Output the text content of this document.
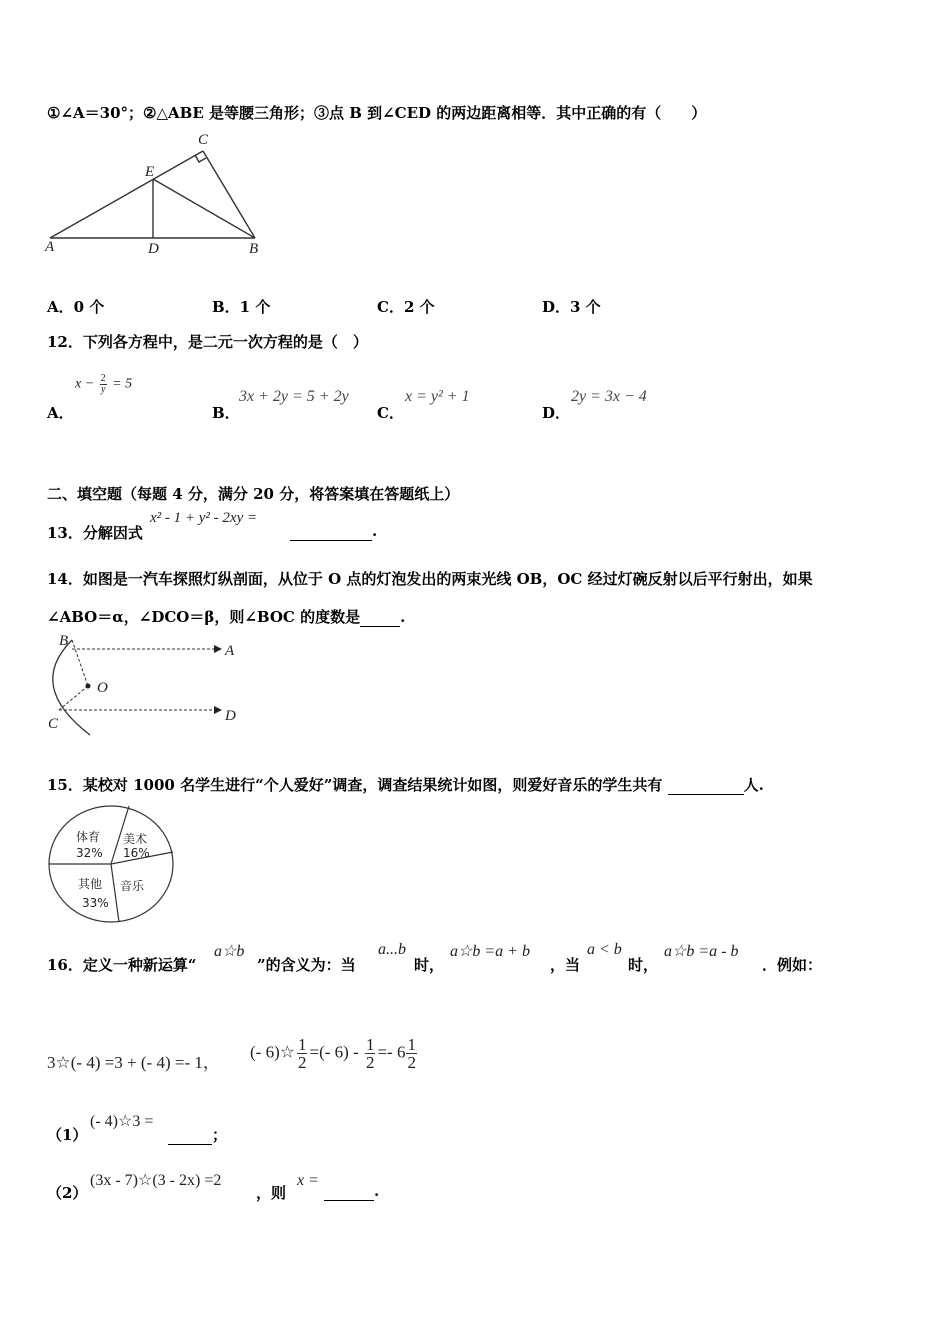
①∠A＝30°；②△ABE 是等腰三角形；③点 B 到∠CED 的两边距离相等．其中正确的有（　　）
A	D	B
E
C
A．0 个	B．1 个	C．2 个	D．3 个
12．下列各方程中，是二元一次方程的是（　）
A．
$x - \frac{2}{y} = 5$
B．
3x + 2y = 5 + 2y
C．
x = y² + 1
D．
2y = 3x − 4
二、填空题（每题 4 分，满分 20 分，将答案填在答题纸上）
13．分解因式
x² - 1 + y² - 2xy =
.
14．如图是一汽车探照灯纵剖面，从位于 O 点的灯泡发出的两束光线 OB，OC 经过灯碗反射以后平行射出，如果
∠ABO＝α，∠DCO＝β，则∠BOC 的度数是	.
B
A
O
C	D
15．某校对 1000 名学生进行“个人爱好”调查，调查结果统计如图，则爱好音乐的学生共有	人.
体育
32%
美术
16%
音乐
其他
33%
16．定义一种新运算“
a☆b
”的含义为：当
a...b
时，
a☆b =a + b
，当
a < b
时，
a☆b =a - b
．例如：
3☆(- 4) =3 + (- 4) =- 1，
(- 6)☆ $\frac{1}{2}$ =(- $6) - \frac{1}{2} =- 6 \frac{1}{2}$
（1）
(- 4)☆3 =
；
（2）
(3x - 7)☆(3 - 2x) =2
，则
x =
.
